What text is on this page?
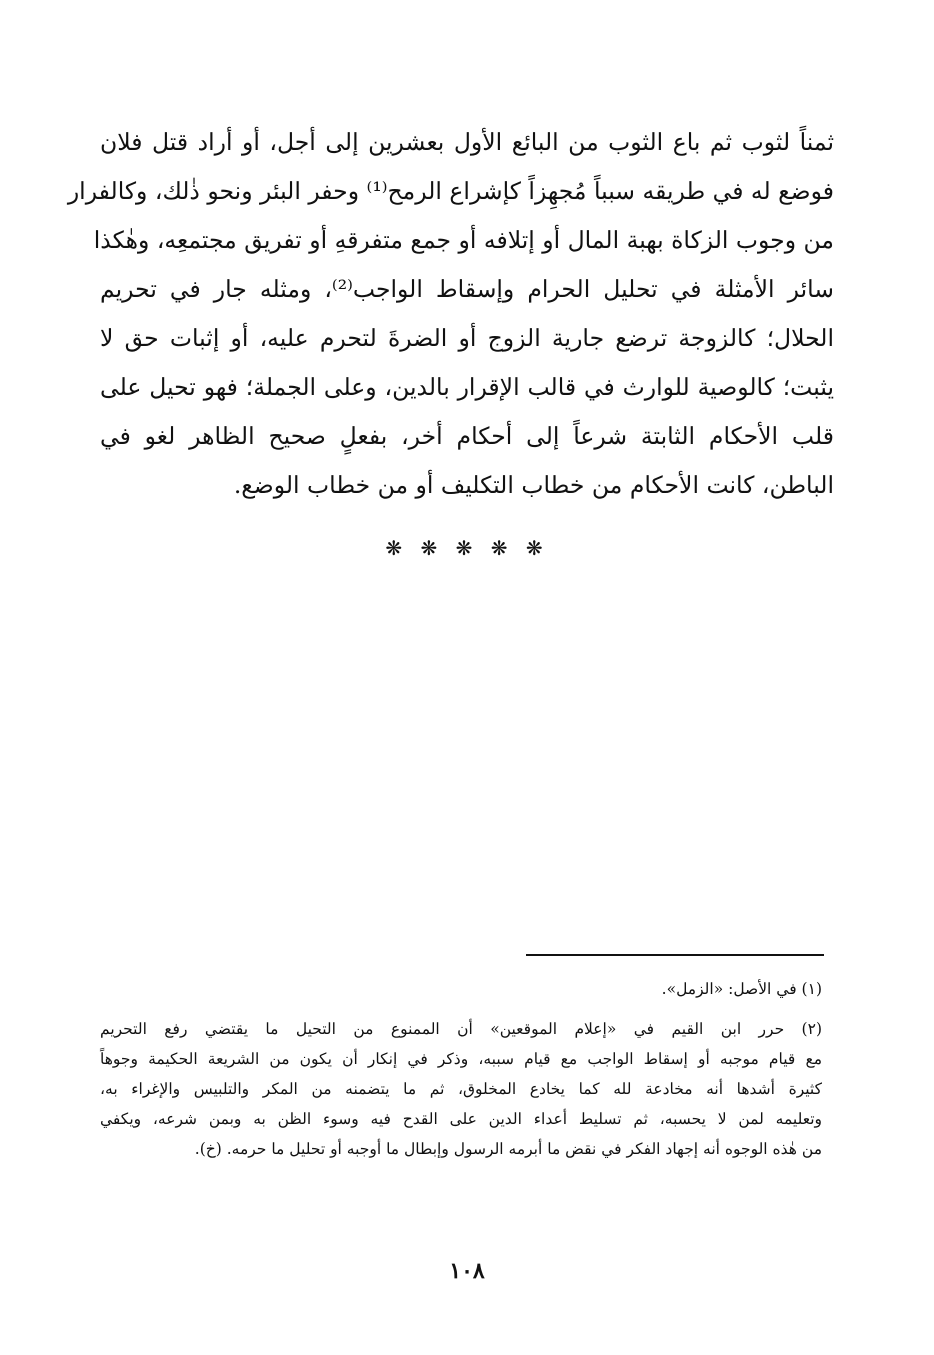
ثمناً لثوب ثم باع الثوب من البائع الأول بعشرين إلى أجل، أو أراد قتل فلان
فوضع له في طريقه سبباً مُجهِزاً كإشراع الرمح⁽¹⁾ وحفر البئر ونحو ذٰلك، وكالفرار
من وجوب الزكاة بهبة المال أو إتلافه أو جمع متفرقهِ أو تفريق مجتمعِه، وهٰكذا
سائر الأمثلة في تحليل الحرام وإسقاط الواجب⁽²⁾، ومثله جار في تحريم
الحلال؛ كالزوجة ترضع جارية الزوج أو الضرةَ لتحرم عليه، أو إثبات حق لا
يثبت؛ كالوصية للوارث في قالب الإقرار بالدين، وعلى الجملة؛ فهو تحيل على
قلب الأحكام الثابتة شرعاً إلى أحكام أخر، بفعلٍ صحيح الظاهر لغو في
الباطن، كانت الأحكام من خطاب التكليف أو من خطاب الوضع.
❋ ❋ ❋ ❋ ❋
(١) في الأصل: «الزمل».
(٢) حرر ابن القيم في «إعلام الموقعين» أن الممنوع من التحيل ما يقتضي رفع التحريم
مع قيام موجبه أو إسقاط الواجب مع قيام سببه، وذكر في إنكار أن يكون من الشريعة الحكيمة وجوهاً
كثيرة أشدها أنه مخادعة لله كما يخادع المخلوق، ثم ما يتضمنه من المكر والتلبيس والإغراء به،
وتعليمه لمن لا يحسبه، ثم تسليط أعداء الدين على القدح فيه وسوء الظن به وبمن شرعه، ويكفي
من هٰذه الوجوه أنه إجهاد الفكر في نقض ما أبرمه الرسول وإبطال ما أوجبه أو تحليل ما حرمه. (خ).
١٠٨
